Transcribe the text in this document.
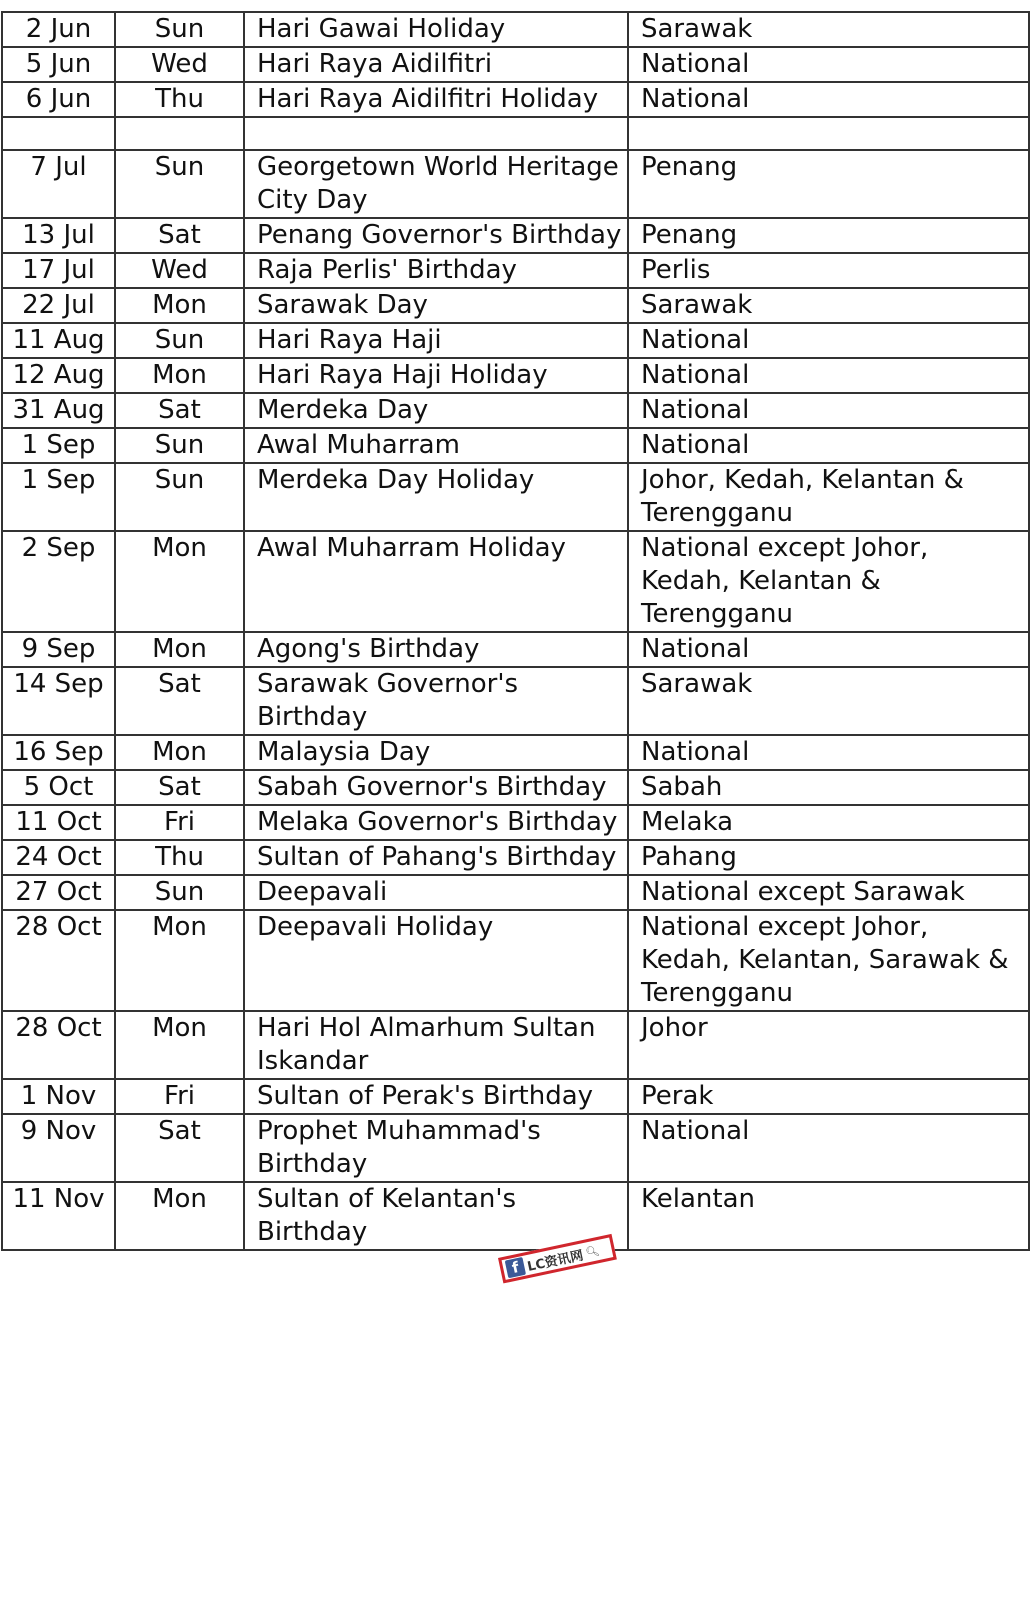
2 Jun	Sun	Hari Gawai Holiday	Sarawak
5 Jun	Wed	Hari Raya Aidilfitri	National
6 Jun	Thu	Hari Raya Aidilfitri Holiday	National

7 Jul	Sun	Georgetown World Heritage City Day	Penang
13 Jul	Sat	Penang Governor's Birthday	Penang
17 Jul	Wed	Raja Perlis' Birthday	Perlis
22 Jul	Mon	Sarawak Day	Sarawak
11 Aug	Sun	Hari Raya Haji	National
12 Aug	Mon	Hari Raya Haji Holiday	National
31 Aug	Sat	Merdeka Day	National
1 Sep	Sun	Awal Muharram	National
1 Sep	Sun	Merdeka Day Holiday	Johor, Kedah, Kelantan & Terengganu
2 Sep	Mon	Awal Muharram Holiday	National except Johor, Kedah, Kelantan & Terengganu
9 Sep	Mon	Agong's Birthday	National
14 Sep	Sat	Sarawak Governor's Birthday	Sarawak
16 Sep	Mon	Malaysia Day	National
5 Oct	Sat	Sabah Governor's Birthday	Sabah
11 Oct	Fri	Melaka Governor's Birthday	Melaka
24 Oct	Thu	Sultan of Pahang's Birthday	Pahang
27 Oct	Sun	Deepavali	National except Sarawak
28 Oct	Mon	Deepavali Holiday	National except Johor, Kedah, Kelantan, Sarawak & Terengganu
28 Oct	Mon	Hari Hol Almarhum Sultan Iskandar	Johor
1 Nov	Fri	Sultan of Perak's Birthday	Perak
9 Nov	Sat	Prophet Muhammad's Birthday	National
11 Nov	Mon	Sultan of Kelantan's Birthday	Kelantan
f LC资讯网 🔍︎
